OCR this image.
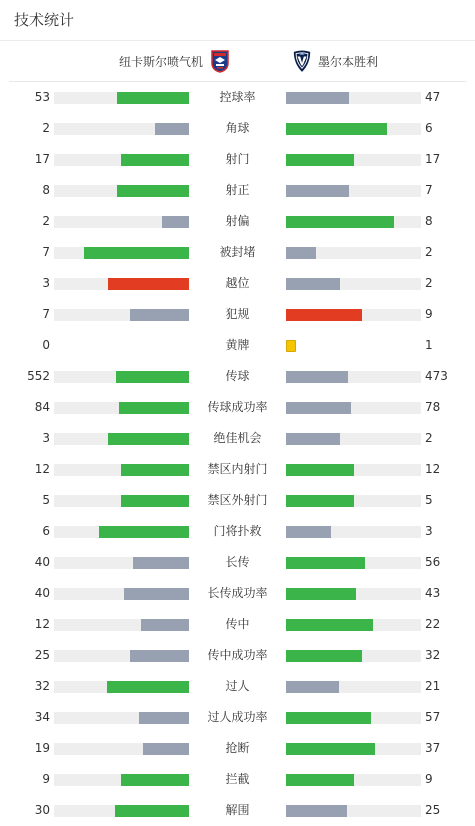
技术统计
纽卡斯尔喷气机	墨尔本胜利
53	控球率	47
2	角球	6
17	射门	17
8	射正	7
2	射偏	8
7	被封堵	2
3	越位	2
7	犯规	9
0	黄牌	1
552	传球	473
84	传球成功率	78
3	绝佳机会	2
12	禁区内射门	12
5	禁区外射门	5
6	门将扑救	3
40	长传	56
40	长传成功率	43
12	传中	22
25	传中成功率	32
32	过人	21
34	过人成功率	57
19	抢断	37
9	拦截	9
30	解围	25
